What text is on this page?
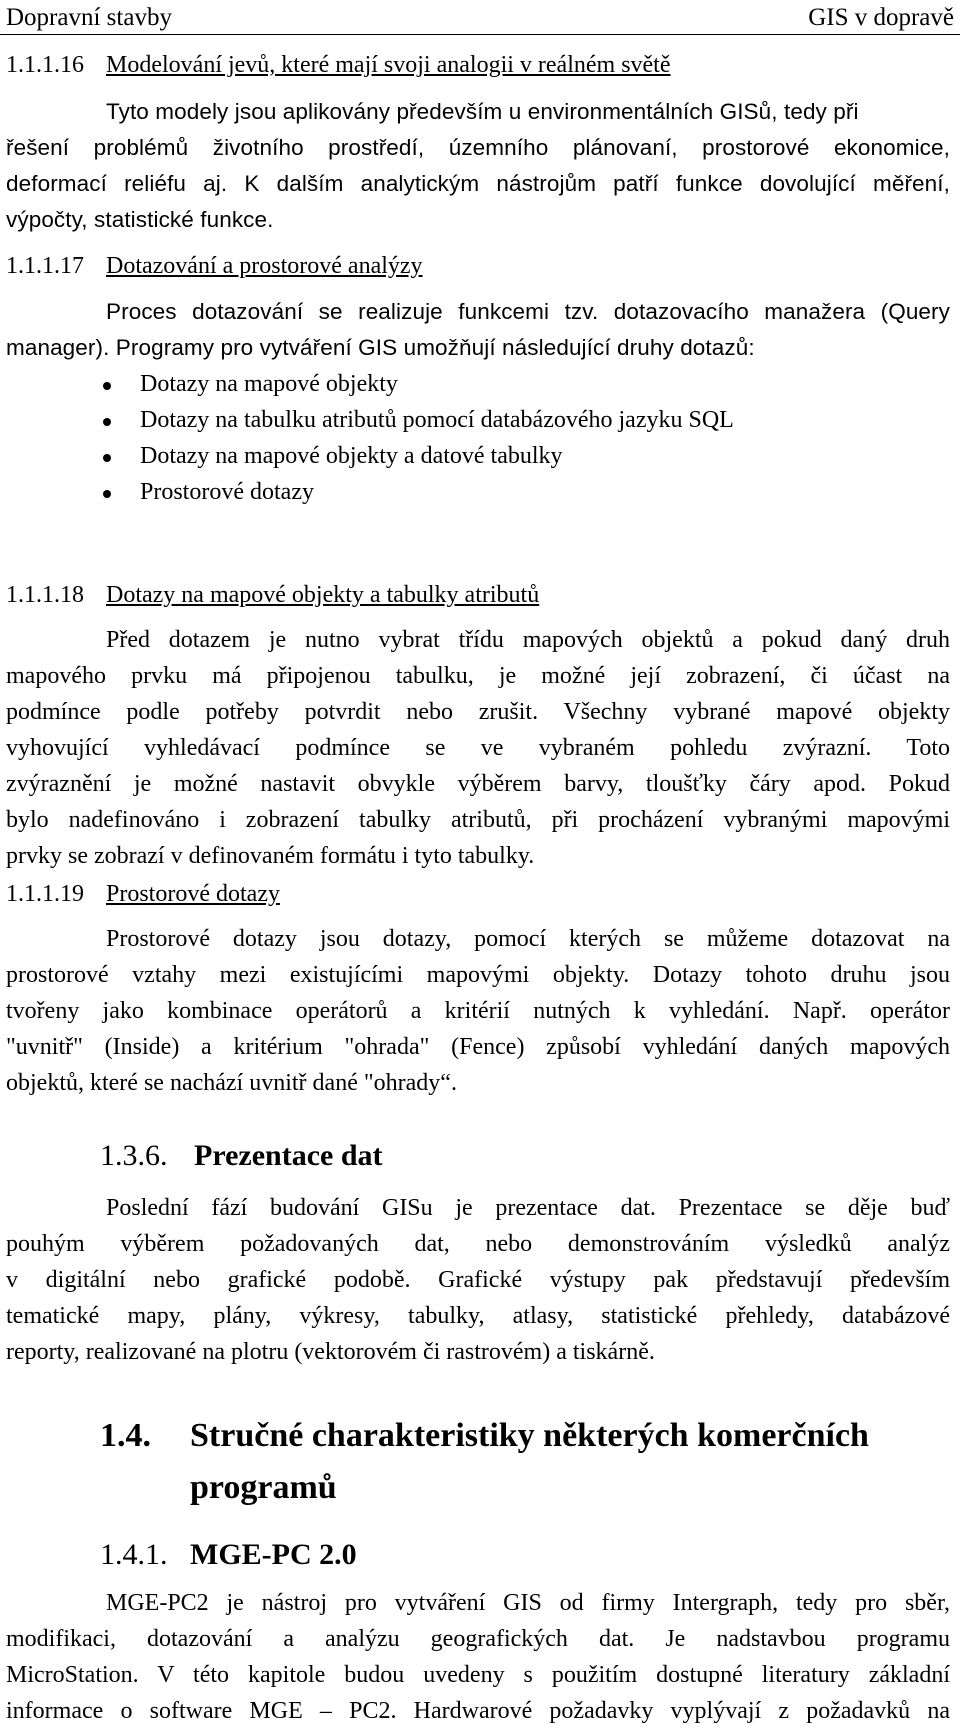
Dopravní stavby	GIS v dopravě
1.1.1.16 Modelování jevů, které mají svoji analogii v reálném světě
Tyto modely jsou aplikovány především u environmentálních GISů, tedy při
řešení problémů životního prostředí, územního plánovaní, prostorové ekonomice,
deformací reliéfu aj. K dalším analytickým nástrojům patří funkce dovolující měření,
výpočty, statistické funkce.
1.1.1.17 Dotazování a prostorové analýzy
Proces dotazování se realizuje funkcemi tzv. dotazovacího manažera (Query
manager). Programy pro vytváření GIS umožňují následující druhy dotazů:
Dotazy na mapové objekty
Dotazy na tabulku atributů pomocí databázového jazyku SQL
Dotazy na mapové objekty a datové tabulky
Prostorové dotazy
1.1.1.18 Dotazy na mapové objekty a tabulky atributů
Před dotazem je nutno vybrat třídu mapových objektů a pokud daný druh
mapového prvku má připojenou tabulku, je možné její zobrazení, či účast na
podmínce podle potřeby potvrdit nebo zrušit. Všechny vybrané mapové objekty
vyhovující vyhledávací podmínce se ve vybraném pohledu zvýrazní. Toto
zvýraznění je možné nastavit obvykle výběrem barvy, tloušťky čáry apod. Pokud
bylo nadefinováno i zobrazení tabulky atributů, při procházení vybranými mapovými
prvky se zobrazí v definovaném formátu i tyto tabulky.
1.1.1.19 Prostorové dotazy
Prostorové dotazy jsou dotazy, pomocí kterých se můžeme dotazovat na
prostorové vztahy mezi existujícími mapovými objekty. Dotazy tohoto druhu jsou
tvořeny jako kombinace operátorů a kritérií nutných k vyhledání. Např. operátor
"uvnitř" (Inside) a kritérium "ohrada" (Fence) způsobí vyhledání daných mapových
objektů, které se nachází uvnitř dané "ohrady“.
1.3.6. Prezentace dat
Poslední fází budování GISu je prezentace dat. Prezentace se děje buď
pouhým výběrem požadovaných dat, nebo demonstrováním výsledků analýz
v digitální nebo grafické podobě. Grafické výstupy pak představují především
tematické mapy, plány, výkresy, tabulky, atlasy, statistické přehledy, databázové
reporty, realizované na plotru (vektorovém či rastrovém) a tiskárně.
1.4. Stručné charakteristiky některých komerčních
programů
1.4.1. MGE-PC 2.0
MGE-PC2 je nástroj pro vytváření GIS od firmy Intergraph, tedy pro sběr,
modifikaci, dotazování a analýzu geografických dat. Je nadstavbou programu
MicroStation. V této kapitole budou uvedeny s použitím dostupné literatury základní
informace o software MGE – PC2. Hardwarové požadavky vyplývají z požadavků na
